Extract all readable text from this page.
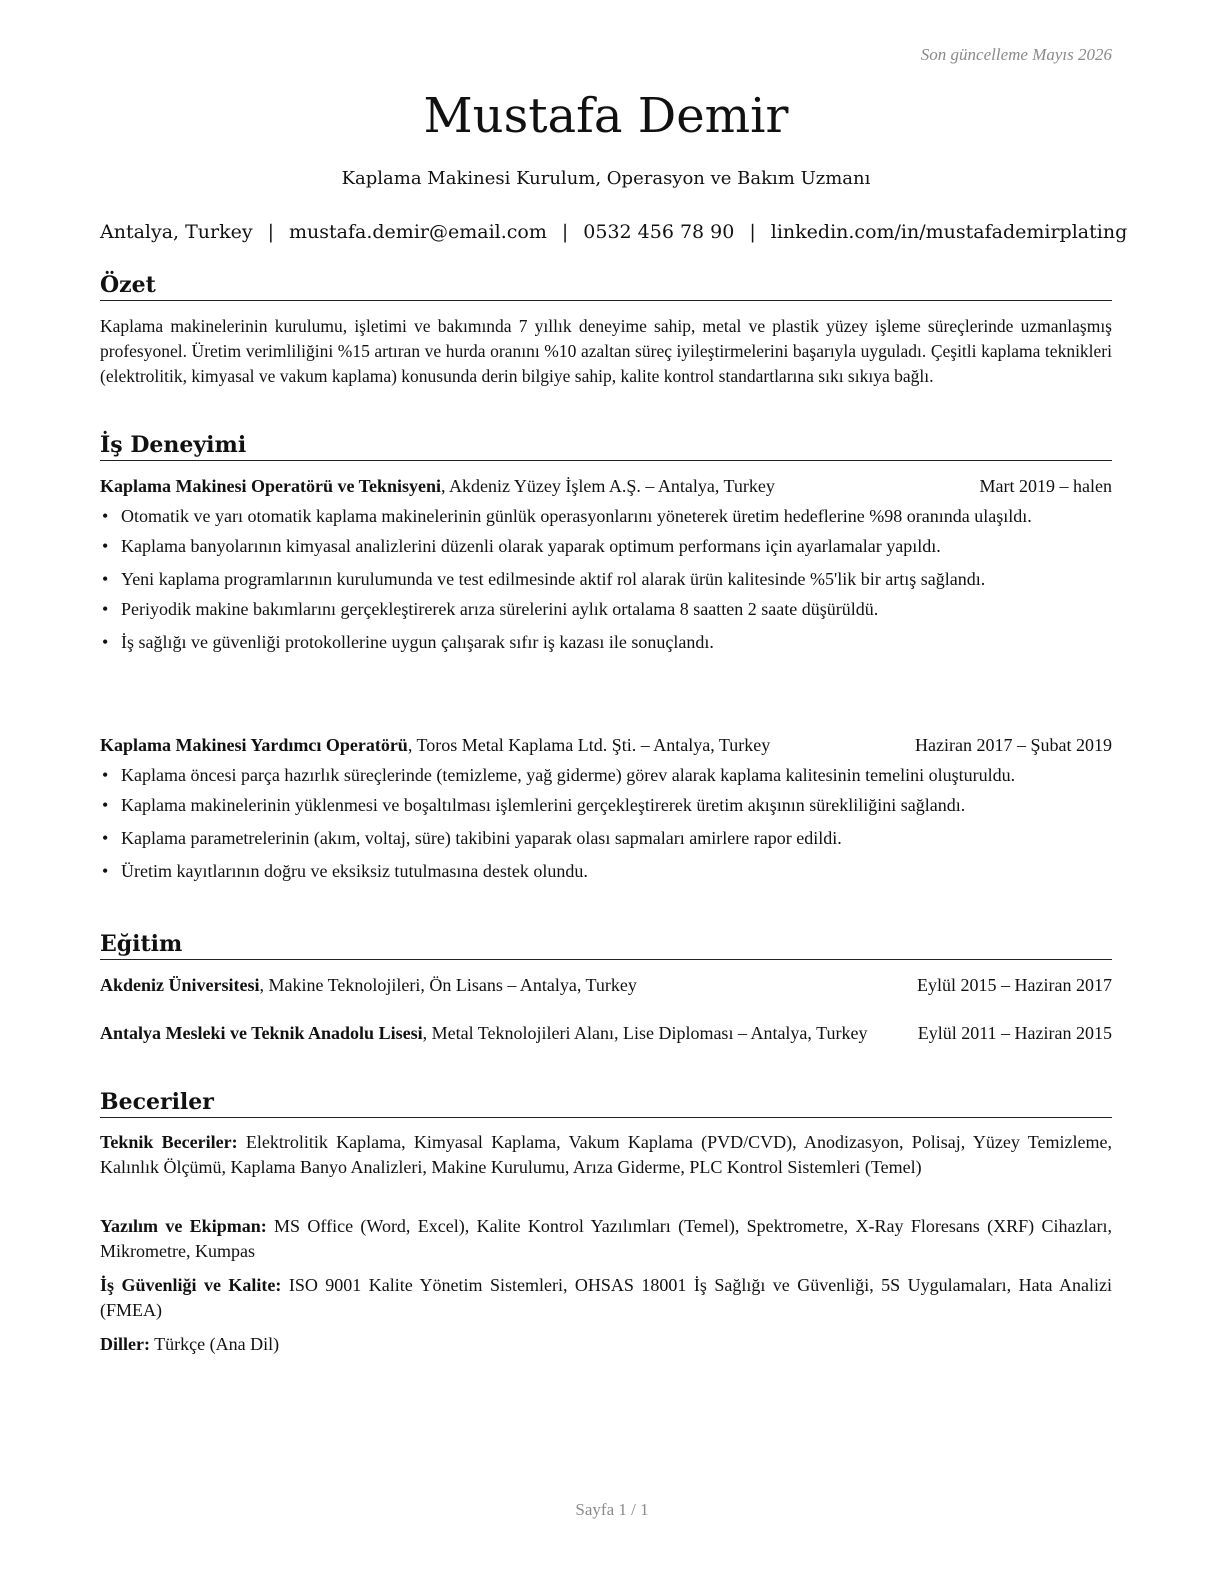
Son güncelleme Mayıs 2026
Mustafa Demir
Kaplama Makinesi Kurulum, Operasyon ve Bakım Uzmanı
Antalya, Turkey | mustafa.demir@email.com | 0532 456 78 90 | linkedin.com/in/mustafademirplating
Özet
Kaplama makinelerinin kurulumu, işletimi ve bakımında 7 yıllık deneyime sahip, metal ve plastik yüzey işleme süreçlerinde uzmanlaşmış profesyonel. Üretim verimliliğini %15 artıran ve hurda oranını %10 azaltan süreç iyileştirmelerini başarıyla uyguladı. Çeşitli kaplama teknikleri (elektrolitik, kimyasal ve vakum kaplama) konusunda derin bilgiye sahip, kalite kontrol standartlarına sıkı sıkıya bağlı.
İş Deneyimi
Kaplama Makinesi Operatörü ve Teknisyeni, Akdeniz Yüzey İşlem A.Ş. – Antalya, Turkey	Mart 2019 – halen
• Otomatik ve yarı otomatik kaplama makinelerinin günlük operasyonlarını yöneterek üretim hedeflerine %98 oranında ulaşıldı.
• Kaplama banyolarının kimyasal analizlerini düzenli olarak yaparak optimum performans için ayarlamalar yapıldı.
• Yeni kaplama programlarının kurulumunda ve test edilmesinde aktif rol alarak ürün kalitesinde %5'lik bir artış sağlandı.
• Periyodik makine bakımlarını gerçekleştirerek arıza sürelerini aylık ortalama 8 saatten 2 saate düşürüldü.
• İş sağlığı ve güvenliği protokollerine uygun çalışarak sıfır iş kazası ile sonuçlandı.
Kaplama Makinesi Yardımcı Operatörü, Toros Metal Kaplama Ltd. Şti. – Antalya, Turkey	Haziran 2017 – Şubat 2019
• Kaplama öncesi parça hazırlık süreçlerinde (temizleme, yağ giderme) görev alarak kaplama kalitesinin temelini oluşturuldu.
• Kaplama makinelerinin yüklenmesi ve boşaltılması işlemlerini gerçekleştirerek üretim akışının sürekliliğini sağlandı.
• Kaplama parametrelerinin (akım, voltaj, süre) takibini yaparak olası sapmaları amirlere rapor edildi.
• Üretim kayıtlarının doğru ve eksiksiz tutulmasına destek olundu.
Eğitim
Akdeniz Üniversitesi, Makine Teknolojileri, Ön Lisans – Antalya, Turkey	Eylül 2015 – Haziran 2017
Antalya Mesleki ve Teknik Anadolu Lisesi, Metal Teknolojileri Alanı, Lise Diploması – Antalya, Turkey	Eylül 2011 – Haziran 2015
Beceriler
Teknik Beceriler: Elektrolitik Kaplama, Kimyasal Kaplama, Vakum Kaplama (PVD/CVD), Anodizasyon, Polisaj, Yüzey Temizleme, Kalınlık Ölçümü, Kaplama Banyo Analizleri, Makine Kurulumu, Arıza Giderme, PLC Kontrol Sistemleri (Temel)
Yazılım ve Ekipman: MS Office (Word, Excel), Kalite Kontrol Yazılımları (Temel), Spektrometre, X-Ray Floresans (XRF) Cihazları, Mikrometre, Kumpas
İş Güvenliği ve Kalite: ISO 9001 Kalite Yönetim Sistemleri, OHSAS 18001 İş Sağlığı ve Güvenliği, 5S Uygulamaları, Hata Analizi (FMEA)
Diller: Türkçe (Ana Dil)
Sayfa 1 / 1
